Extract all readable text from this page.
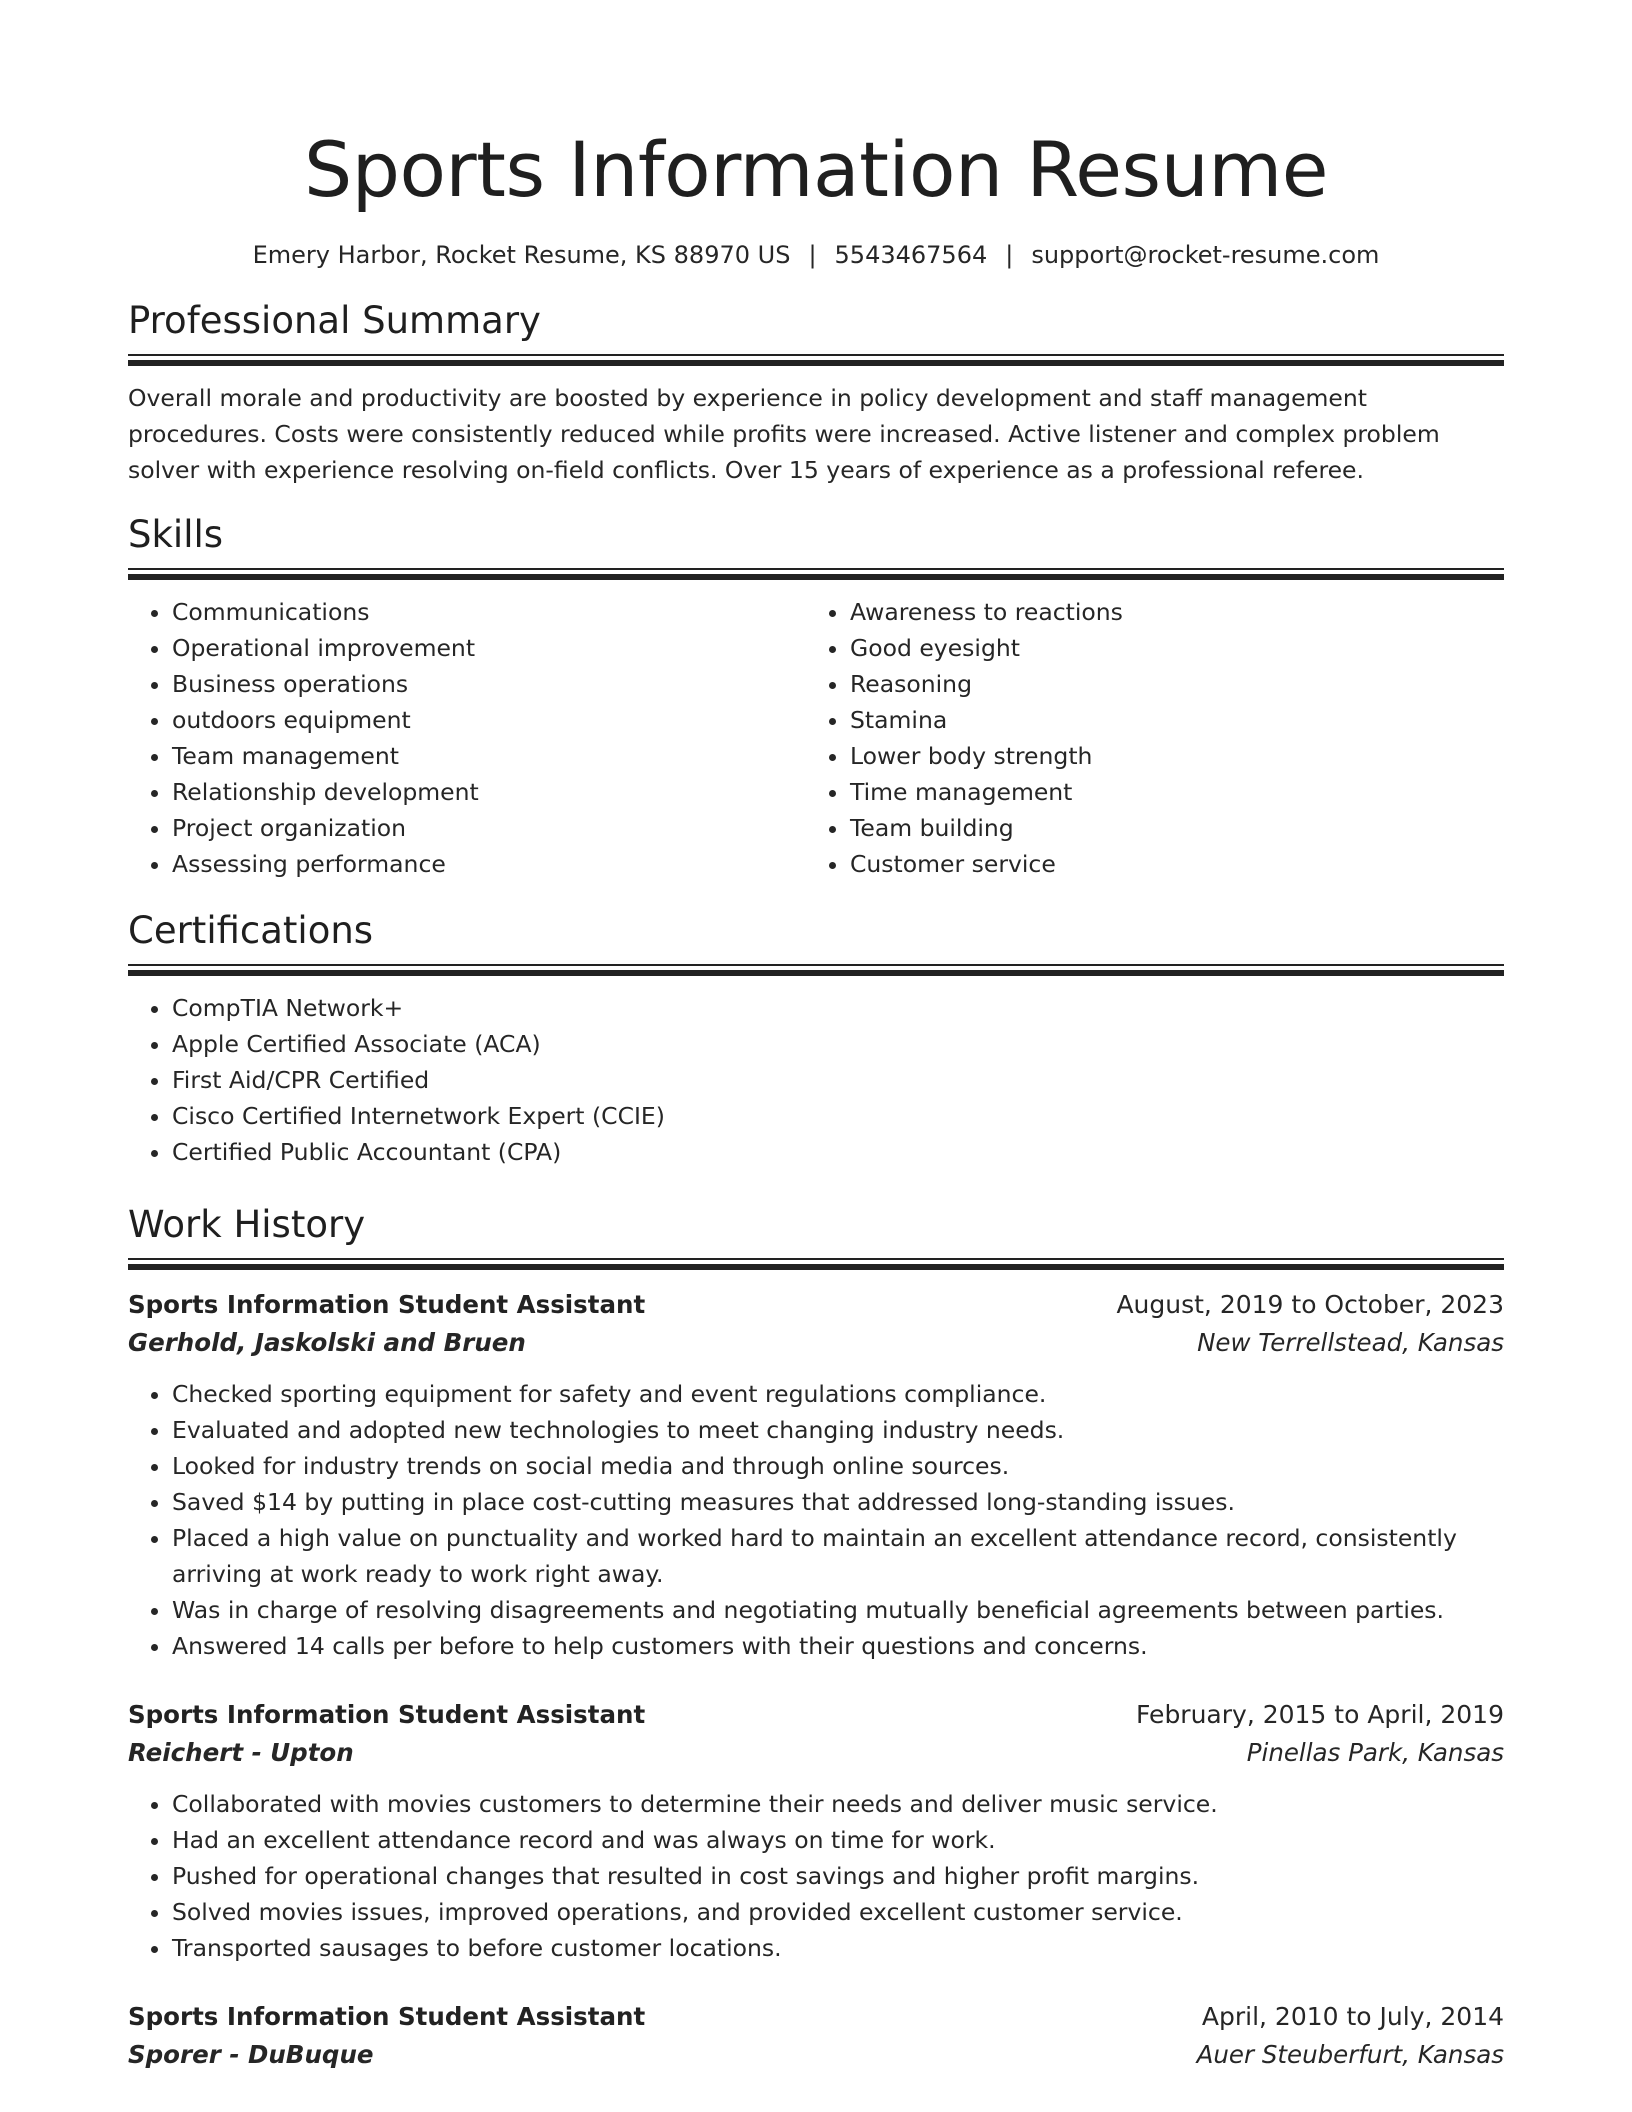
Sports Information Resume
Emery Harbor, Rocket Resume, KS 88970 US | 5543467564 | support@rocket-resume.com
Professional Summary

Overall morale and productivity are boosted by experience in policy development and staff management procedures. Costs were consistently reduced while profits were increased. Active listener and complex problem solver with experience resolving on-field conflicts. Over 15 years of experience as a professional referee.

Skills
• Communications
• Operational improvement
• Business operations
• outdoors equipment
• Team management
• Relationship development
• Project organization
• Assessing performance
• Awareness to reactions
• Good eyesight
• Reasoning
• Stamina
• Lower body strength
• Time management
• Team building
• Customer service
Certifications
• CompTIA Network+
• Apple Certified Associate (ACA)
• First Aid/CPR Certified
• Cisco Certified Internetwork Expert (CCIE)
• Certified Public Accountant (CPA)
Work History
Sports Information Student Assistant	August, 2019 to October, 2023
Gerhold, Jaskolski and Bruen	New Terrellstead, Kansas
• Checked sporting equipment for safety and event regulations compliance.
• Evaluated and adopted new technologies to meet changing industry needs.
• Looked for industry trends on social media and through online sources.
• Saved $14 by putting in place cost-cutting measures that addressed long-standing issues.
• Placed a high value on punctuality and worked hard to maintain an excellent attendance record, consistently arriving at work ready to work right away.
• Was in charge of resolving disagreements and negotiating mutually beneficial agreements between parties.
• Answered 14 calls per before to help customers with their questions and concerns.
Sports Information Student Assistant	February, 2015 to April, 2019
Reichert - Upton	Pinellas Park, Kansas
• Collaborated with movies customers to determine their needs and deliver music service.
• Had an excellent attendance record and was always on time for work.
• Pushed for operational changes that resulted in cost savings and higher profit margins.
• Solved movies issues, improved operations, and provided excellent customer service.
• Transported sausages to before customer locations.
Sports Information Student Assistant	April, 2010 to July, 2014
Sporer - DuBuque	Auer Steuberfurt, Kansas
